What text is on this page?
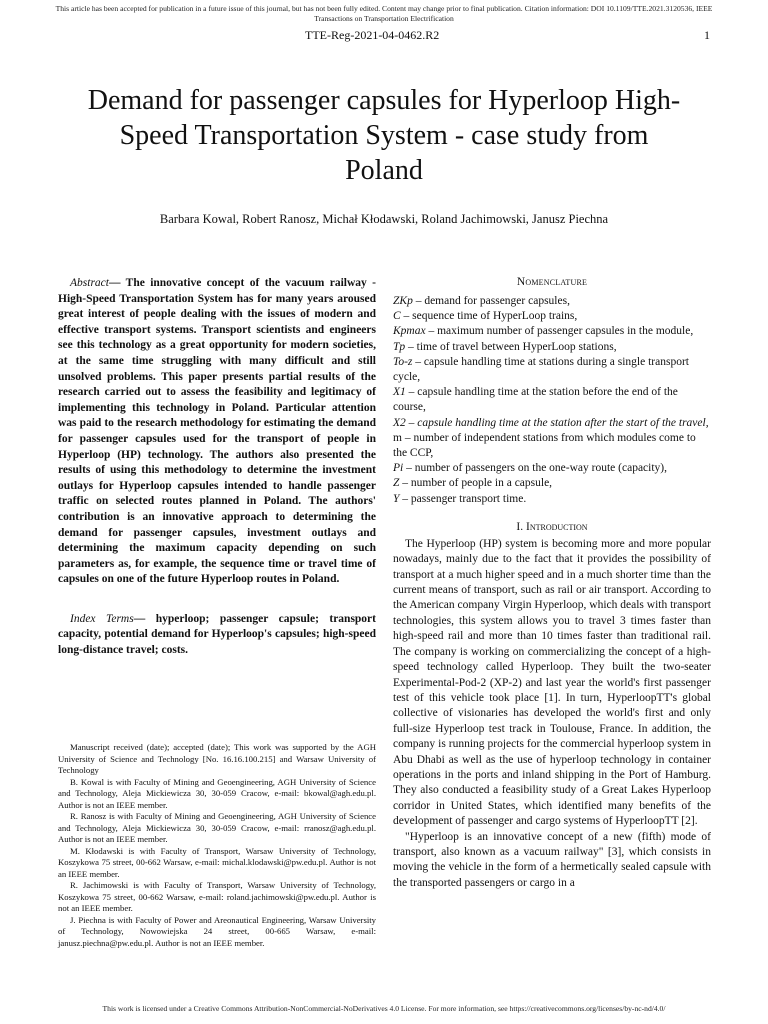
This article has been accepted for publication in a future issue of this journal, but has not been fully edited. Content may change prior to final publication. Citation information: DOI 10.1109/TTE.2021.3120536, IEEE
Transactions on Transportation Electrification
TTE-Reg-2021-04-0462.R2	1
Demand for passenger capsules for Hyperloop High-Speed Transportation System - case study from Poland
Barbara Kowal, Robert Ranosz, Michał Kłodawski, Roland Jachimowski, Janusz Piechna

Abstract— The innovative concept of the vacuum railway - High-Speed Transportation System has for many years aroused great interest of people dealing with the issues of modern and effective transport systems. Transport scientists and engineers see this technology as a great opportunity for modern societies, at the same time struggling with many difficult and still unsolved problems. This paper presents partial results of the research carried out to assess the feasibility and legitimacy of implementing this technology in Poland. Particular attention was paid to the research methodology for estimating the demand for passenger capsules used for the transport of people in Hyperloop (HP) technology. The authors also presented the results of using this methodology to determine the investment outlays for Hyperloop capsules intended to handle passenger traffic on selected routes planned in Poland. The authors' contribution is an innovative approach to determining the demand for passenger capsules, investment outlays and determining the maximum capacity depending on such parameters as, for example, the sequence time or travel time of capsules on one of the future Hyperloop routes in Poland.

Index Terms— hyperloop; passenger capsule; transport capacity, potential demand for Hyperloop's capsules; high-speed long-distance travel; costs.

Manuscript received (date); accepted (date); This work was supported by the AGH University of Science and Technology [No. 16.16.100.215] and Warsaw University of Technology

B. Kowal is with Faculty of Mining and Geoengineering, AGH University of Science and Technology, Aleja Mickiewicza 30, 30-059 Cracow, e-mail: bkowal@agh.edu.pl. Author is not an IEEE member.

R. Ranosz is with Faculty of Mining and Geoengineering, AGH University of Science and Technology, Aleja Mickiewicza 30, 30-059 Cracow, e-mail: rranosz@agh.edu.pl. Author is not an IEEE member.

M. Kłodawski is with Faculty of Transport, Warsaw University of Technology, Koszykowa 75 street, 00-662 Warsaw, e-mail: michal.klodawski@pw.edu.pl. Author is not an IEEE member.

R. Jachimowski is with Faculty of Transport, Warsaw University of Technology, Koszykowa 75 street, 00-662 Warsaw, e-mail: roland.jachimowski@pw.edu.pl. Author is not an IEEE member.

J. Piechna is with Faculty of Power and Areonautical Engineering, Warsaw University of Technology, Nowowiejska 24 street, 00-665 Warsaw, e-mail: janusz.piechna@pw.edu.pl. Author is not an IEEE member.

Nomenclature

ZKp – demand for passenger capsules,

C – sequence time of HyperLoop trains,

Kpmax – maximum number of passenger capsules in the module,

Tp – time of travel between HyperLoop stations,

To-z – capsule handling time at stations during a single transport cycle,

X1 – capsule handling time at the station before the end of the course,

X2 – capsule handling time at the station after the start of the travel,

m – number of independent stations from which modules come to the CCP,

Pi – number of passengers on the one-way route (capacity),

Z – number of people in a capsule,

Y – passenger transport time.

I. Introduction

The Hyperloop (HP) system is becoming more and more popular nowadays, mainly due to the fact that it provides the possibility of transport at a much higher speed and in a much shorter time than the current means of transport, such as rail or air transport. According to the American company Virgin Hyperloop, which deals with transport technologies, this system allows you to travel 3 times faster than high-speed rail and more than 10 times faster than traditional rail. The company is working on commercializing the concept of a high-speed technology called Hyperloop. They built the two-seater Experimental-Pod-2 (XP-2) and last year the world's first passenger test of this vehicle took place [1]. In turn, HyperloopTT's global collective of visionaries has developed the world's first and only full-size Hyperloop test track in Toulouse, France. In addition, the company is running projects for the commercial hyperloop system in Abu Dhabi as well as the use of hyperloop technology in container operations in the ports and inland shipping in the Port of Hamburg. They also conducted a feasibility study of a Great Lakes Hyperloop corridor in United States, which identified many benefits of the development of passenger and cargo systems of HyperloopTT [2].

"Hyperloop is an innovative concept of a new (fifth) mode of transport, also known as a vacuum railway" [3], which consists in moving the vehicle in the form of a hermetically sealed capsule with the transported passengers or cargo in a

This work is licensed under a Creative Commons Attribution-NonCommercial-NoDerivatives 4.0 License. For more information, see https://creativecommons.org/licenses/by-nc-nd/4.0/
